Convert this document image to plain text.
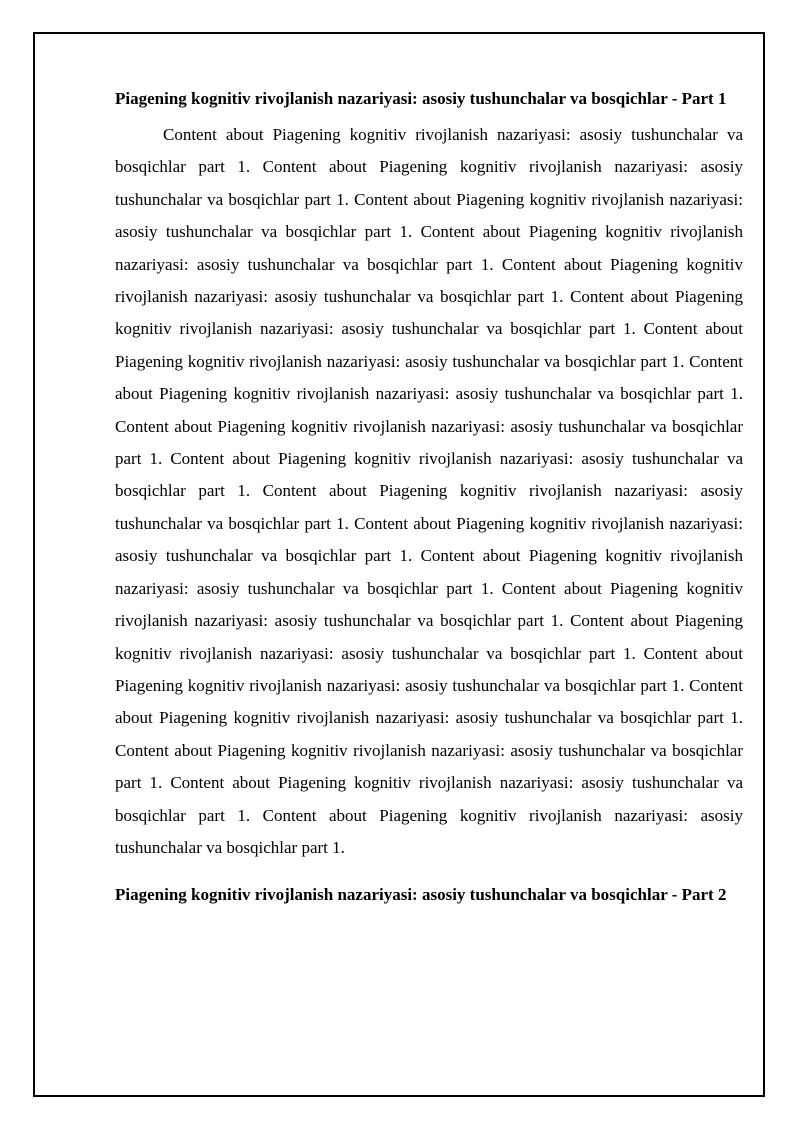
Piagening kognitiv rivojlanish nazariyasi: asosiy tushunchalar va bosqichlar - Part 1

Content about Piagening kognitiv rivojlanish nazariyasi: asosiy tushunchalar va bosqichlar part 1. Content about Piagening kognitiv rivojlanish nazariyasi: asosiy tushunchalar va bosqichlar part 1. Content about Piagening kognitiv rivojlanish nazariyasi: asosiy tushunchalar va bosqichlar part 1. Content about Piagening kognitiv rivojlanish nazariyasi: asosiy tushunchalar va bosqichlar part 1. Content about Piagening kognitiv rivojlanish nazariyasi: asosiy tushunchalar va bosqichlar part 1. Content about Piagening kognitiv rivojlanish nazariyasi: asosiy tushunchalar va bosqichlar part 1. Content about Piagening kognitiv rivojlanish nazariyasi: asosiy tushunchalar va bosqichlar part 1. Content about Piagening kognitiv rivojlanish nazariyasi: asosiy tushunchalar va bosqichlar part 1. Content about Piagening kognitiv rivojlanish nazariyasi: asosiy tushunchalar va bosqichlar part 1. Content about Piagening kognitiv rivojlanish nazariyasi: asosiy tushunchalar va bosqichlar part 1. Content about Piagening kognitiv rivojlanish nazariyasi: asosiy tushunchalar va bosqichlar part 1. Content about Piagening kognitiv rivojlanish nazariyasi: asosiy tushunchalar va bosqichlar part 1. Content about Piagening kognitiv rivojlanish nazariyasi: asosiy tushunchalar va bosqichlar part 1. Content about Piagening kognitiv rivojlanish nazariyasi: asosiy tushunchalar va bosqichlar part 1. Content about Piagening kognitiv rivojlanish nazariyasi: asosiy tushunchalar va bosqichlar part 1. Content about Piagening kognitiv rivojlanish nazariyasi: asosiy tushunchalar va bosqichlar part 1. Content about Piagening kognitiv rivojlanish nazariyasi: asosiy tushunchalar va bosqichlar part 1. Content about Piagening kognitiv rivojlanish nazariyasi: asosiy tushunchalar va bosqichlar part 1. Content about Piagening kognitiv rivojlanish nazariyasi: asosiy tushunchalar va bosqichlar part 1. Content about Piagening kognitiv rivojlanish nazariyasi: asosiy tushunchalar va bosqichlar part 1.

Piagening kognitiv rivojlanish nazariyasi: asosiy tushunchalar va bosqichlar - Part 2
